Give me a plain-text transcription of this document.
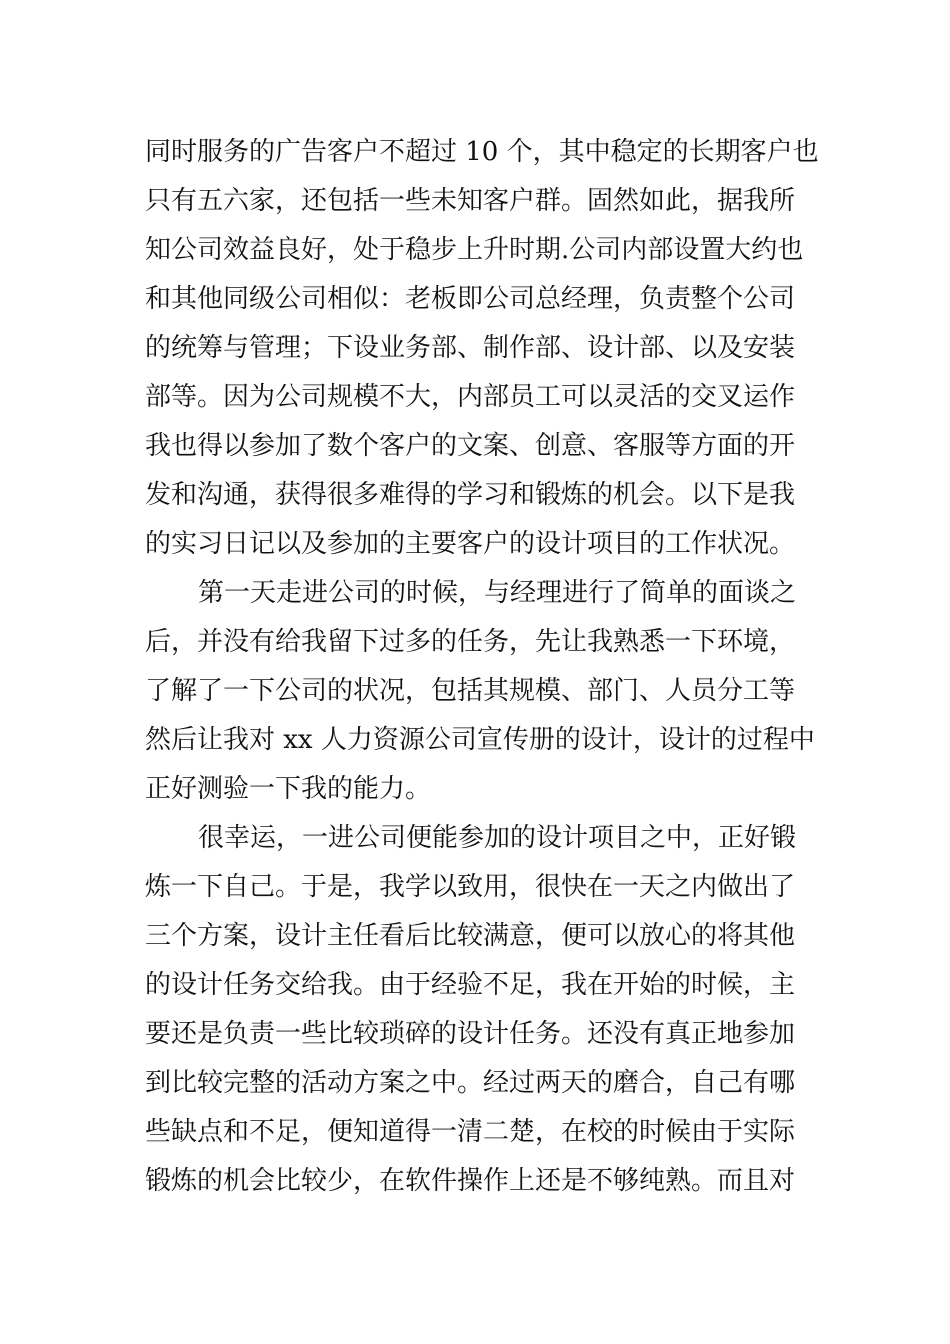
同时服务的广告客户不超过 10 个，其中稳定的长期客户也
只有五六家，还包括一些未知客户群。固然如此，据我所
知公司效益良好，处于稳步上升时期.公司内部设置大约也
和其他同级公司相似：老板即公司总经理，负责整个公司
的统筹与管理；下设业务部、制作部、设计部、以及安装
部等。因为公司规模不大，内部员工可以灵活的交叉运作
我也得以参加了数个客户的文案、创意、客服等方面的开
发和沟通，获得很多难得的学习和锻炼的机会。以下是我
的实习日记以及参加的主要客户的设计项目的工作状况。
第一天走进公司的时候，与经理进行了简单的面谈之
后，并没有给我留下过多的任务，先让我熟悉一下环境，
了解了一下公司的状况，包括其规模、部门、人员分工等
然后让我对 xx 人力资源公司宣传册的设计，设计的过程中
正好测验一下我的能力。
很幸运，一进公司便能参加的设计项目之中，正好锻
炼一下自己。于是，我学以致用，很快在一天之内做出了
三个方案，设计主任看后比较满意，便可以放心的将其他
的设计任务交给我。由于经验不足，我在开始的时候，主
要还是负责一些比较琐碎的设计任务。还没有真正地参加
到比较完整的活动方案之中。经过两天的磨合，自己有哪
些缺点和不足，便知道得一清二楚，在校的时候由于实际
锻炼的机会比较少，在软件操作上还是不够纯熟。而且对
